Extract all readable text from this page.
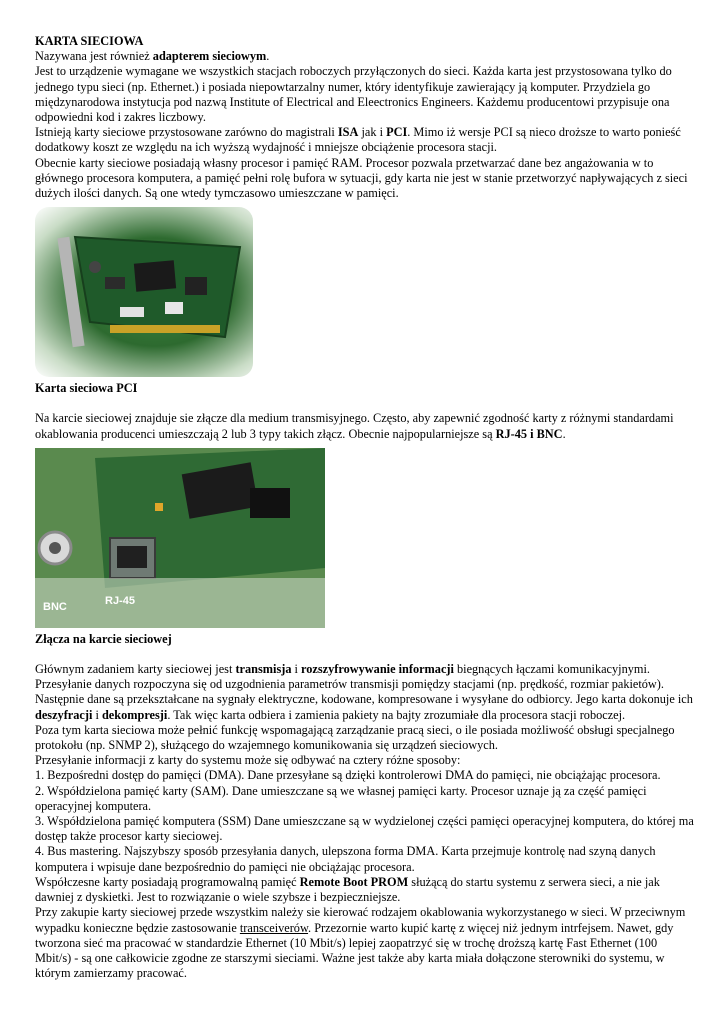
KARTA SIECIOWA

Nazywana jest również adapterem sieciowym.

Jest to urządzenie wymagane we wszystkich stacjach roboczych przyłączonych do sieci. Każda karta jest przystosowana tylko do jednego typu sieci (np. Ethernet.) i posiada niepowtarzalny numer, który identyfikuje zawierający ją komputer. Przydziela go międzynarodowa instytucja pod nazwą Institute of Electrical and Eleectronics Engineers. Każdemu producentowi przypisuje ona odpowiedni kod i zakres liczbowy.

Istnieją karty sieciowe przystosowane zarówno do magistrali ISA jak i PCI. Mimo iż wersje PCI są nieco droższe to warto ponieść dodatkowy koszt ze względu na ich wyższą wydajność i mniejsze obciążenie procesora stacji.

Obecnie karty sieciowe posiadają własny procesor i pamięć RAM. Procesor pozwala przetwarzać dane bez angażowania w to głównego procesora komputera, a pamięć pełni rolę bufora w sytuacji, gdy karta nie jest w stanie przetworzyć napływających z sieci dużych ilości danych. Są one wtedy tymczasowo umieszczane w pamięci.

Karta sieciowa PCI

Na karcie sieciowej znajduje sie złącze dla medium transmisyjnego. Często, aby zapewnić zgodność karty z różnymi standardami okablowania producenci umieszczają 2 lub 3 typy takich złącz. Obecnie najpopularniejsze są RJ-45 i BNC.

BNC	RJ-45

Złącza na karcie sieciowej

Głównym zadaniem karty sieciowej jest transmisja i rozszyfrowywanie informacji biegnących łączami komunikacyjnymi.

Przesyłanie danych rozpoczyna się od uzgodnienia parametrów transmisji pomiędzy stacjami (np. prędkość, rozmiar pakietów).

Następnie dane są przekształcane na sygnały elektryczne, kodowane, kompresowane i wysyłane do odbiorcy. Jego karta dokonuje ich deszyfracji i dekompresji. Tak więc karta odbiera i zamienia pakiety na bajty zrozumiałe dla procesora stacji roboczej.

Poza tym karta sieciowa może pełnić funkcję wspomagającą zarządzanie pracą sieci, o ile posiada możliwość obsługi specjalnego protokołu (np. SNMP 2), służącego do wzajemnego komunikowania się urządzeń sieciowych.

Przesyłanie informacji z karty do systemu może się odbywać na cztery różne sposoby:

1. Bezpośredni dostęp do pamięci (DMA). Dane przesyłane są dzięki kontrolerowi DMA do pamięci, nie obciążając procesora.

2. Współdzielona pamięć karty (SAM). Dane umieszczane są we własnej pamięci karty. Procesor uznaje ją za część pamięci operacyjnej komputera.

3. Współdzielona pamięć komputera (SSM) Dane umieszczane są w wydzielonej części pamięci operacyjnej komputera, do której ma dostęp także procesor karty sieciowej.

4. Bus mastering. Najszybszy sposób przesyłania danych, ulepszona forma DMA. Karta przejmuje kontrolę nad szyną danych komputera i wpisuje dane bezpośrednio do pamięci nie obciążając procesora.

Współczesne karty posiadają programowalną pamięć Remote Boot PROM służącą do startu systemu z serwera sieci, a nie jak dawniej z dyskietki. Jest to rozwiązanie o wiele szybsze i bezpieczniejsze.

Przy zakupie karty sieciowej przede wszystkim należy sie kierować rodzajem okablowania wykorzystanego w sieci. W przeciwnym wypadku konieczne będzie zastosowanie transceiverów. Przezornie warto kupić kartę z więcej niż jednym intrfejsem. Nawet, gdy tworzona sieć ma pracować w standardzie Ethernet (10 Mbit/s) lepiej zaopatrzyć się w trochę droższą kartę Fast Ethernet (100 Mbit/s) - są one całkowicie zgodne ze starszymi sieciami. Ważne jest także aby karta miała dołączone sterowniki do systemu, w którym zamierzamy pracować.
